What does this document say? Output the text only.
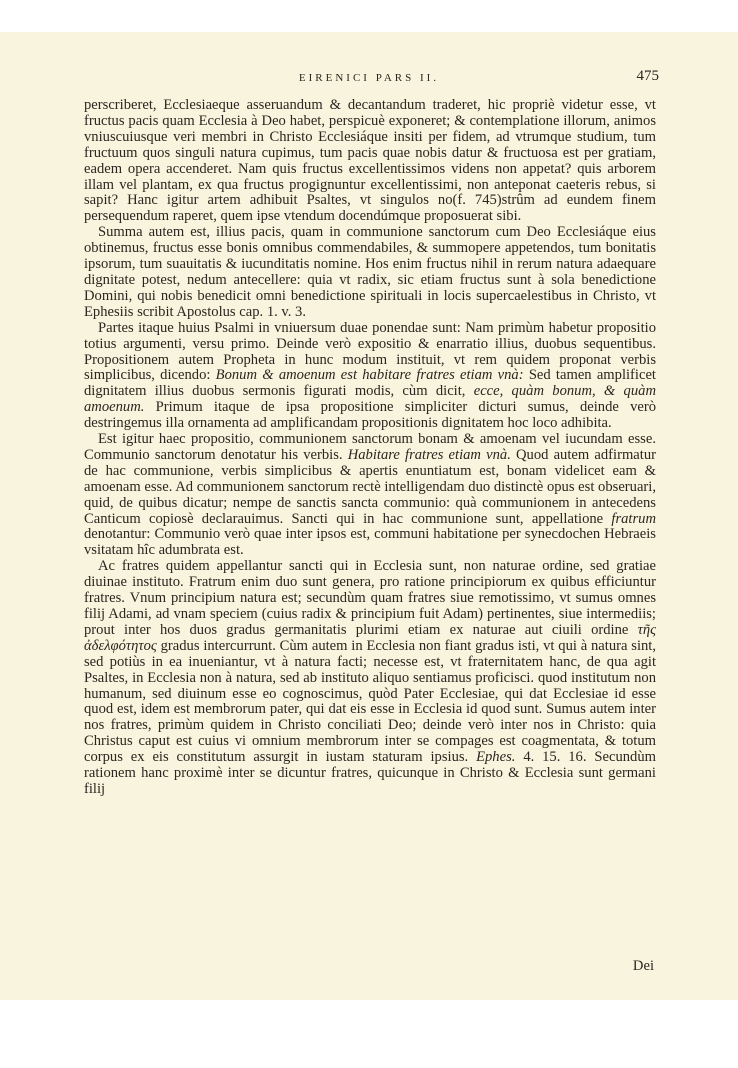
EIRENICI PARS II.	475

perscriberet, Ecclesiaeque asseruandum & decantandum traderet, hic propriè videtur esse, vt fructus pacis quam Ecclesia à Deo habet, perspicuè exponeret; & contemplatione illorum, animos vniuscuiusque veri membri in Christo Ecclesiáque insiti per fidem, ad vtrumque studium, tum fructuum quos singuli natura cupimus, tum pacis quae nobis datur & fructuosa est per gratiam, eadem opera accenderet. Nam quis fructus excellentissimos videns non appetat? quis arborem illam vel plantam, ex qua fructus progignuntur excellentissimi, non anteponat caeteris rebus, si sapit? Hanc igitur artem adhibuit Psaltes, vt singulos no(f. 745)strûm ad eundem finem persequendum raperet, quem ipse vtendum docendúmque proposuerat sibi.

Summa autem est, illius pacis, quam in communione sanctorum cum Deo Ecclesiáque eius obtinemus, fructus esse bonis omnibus commendabiles, & summopere appetendos, tum bonitatis ipsorum, tum suauitatis & iucunditatis nomine. Hos enim fructus nihil in rerum natura adaequare dignitate potest, nedum antecellere: quia vt radix, sic etiam fructus sunt à sola benedictione Domini, qui nobis benedicit omni benedictione spirituali in locis supercaelestibus in Christo, vt Ephesiis scribit Apostolus cap. 1. v. 3.

Partes itaque huius Psalmi in vniuersum duae ponendae sunt: Nam primùm habetur propositio totius argumenti, versu primo. Deinde verò expositio & enarratio illius, duobus sequentibus. Propositionem autem Propheta in hunc modum instituit, vt rem quidem proponat verbis simplicibus, dicendo: Bonum & amoenum est habitare fratres etiam vnà: Sed tamen amplificet dignitatem illius duobus sermonis figurati modis, cùm dicit, ecce, quàm bonum, & quàm amoenum. Primum itaque de ipsa propositione simpliciter dicturi sumus, deinde verò destringemus illa ornamenta ad amplificandam propositionis dignitatem hoc loco adhibita.

Est igitur haec propositio, communionem sanctorum bonam & amoenam vel iucundam esse. Communio sanctorum denotatur his verbis. Habitare fratres etiam vnà. Quod autem adfirmatur de hac communione, verbis simplicibus & apertis enuntiatum est, bonam videlicet eam & amoenam esse. Ad communionem sanctorum rectè intelligendam duo distinctè opus est obseruari, quid, de quibus dicatur; nempe de sanctis sancta communio: quà communionem in antecedens Canticum copiosè declarauimus. Sancti qui in hac communione sunt, appellatione fratrum denotantur: Communio verò quae inter ipsos est, communi habitatione per synecdochen Hebraeis vsitatam hîc adumbrata est.

Ac fratres quidem appellantur sancti qui in Ecclesia sunt, non naturae ordine, sed gratiae diuinae instituto. Fratrum enim duo sunt genera, pro ratione principiorum ex quibus efficiuntur fratres. Vnum principium natura est; secundùm quam fratres siue remotissimo, vt sumus omnes filij Adami, ad vnam speciem (cuius radix & principium fuit Adam) pertinentes, siue intermediis; prout inter hos duos gradus germanitatis plurimi etiam ex naturae aut ciuili ordine τῆς ἀδελφότητος gradus intercurrunt. Cùm autem in Ecclesia non fiant gradus isti, vt qui à natura sint, sed potiùs in ea inueniantur, vt à natura facti; necesse est, vt fraternitatem hanc, de qua agit Psaltes, in Ecclesia non à natura, sed ab instituto aliquo sentiamus proficisci. quod institutum non humanum, sed diuinum esse eo cognoscimus, quòd Pater Ecclesiae, qui dat Ecclesiae id esse quod est, idem est membrorum pater, qui dat eis esse in Ecclesia id quod sunt. Sumus autem inter nos fratres, primùm quidem in Christo conciliati Deo; deinde verò inter nos in Christo: quia Christus caput est cuius vi omnium membrorum inter se compages est coagmentata, & totum corpus ex eis constitutum assurgit in iustam staturam ipsius. Ephes. 4. 15. 16. Secundùm rationem hanc proximè inter se dicuntur fratres, quicunque in Christo & Ecclesia sunt germani filij

Dei
